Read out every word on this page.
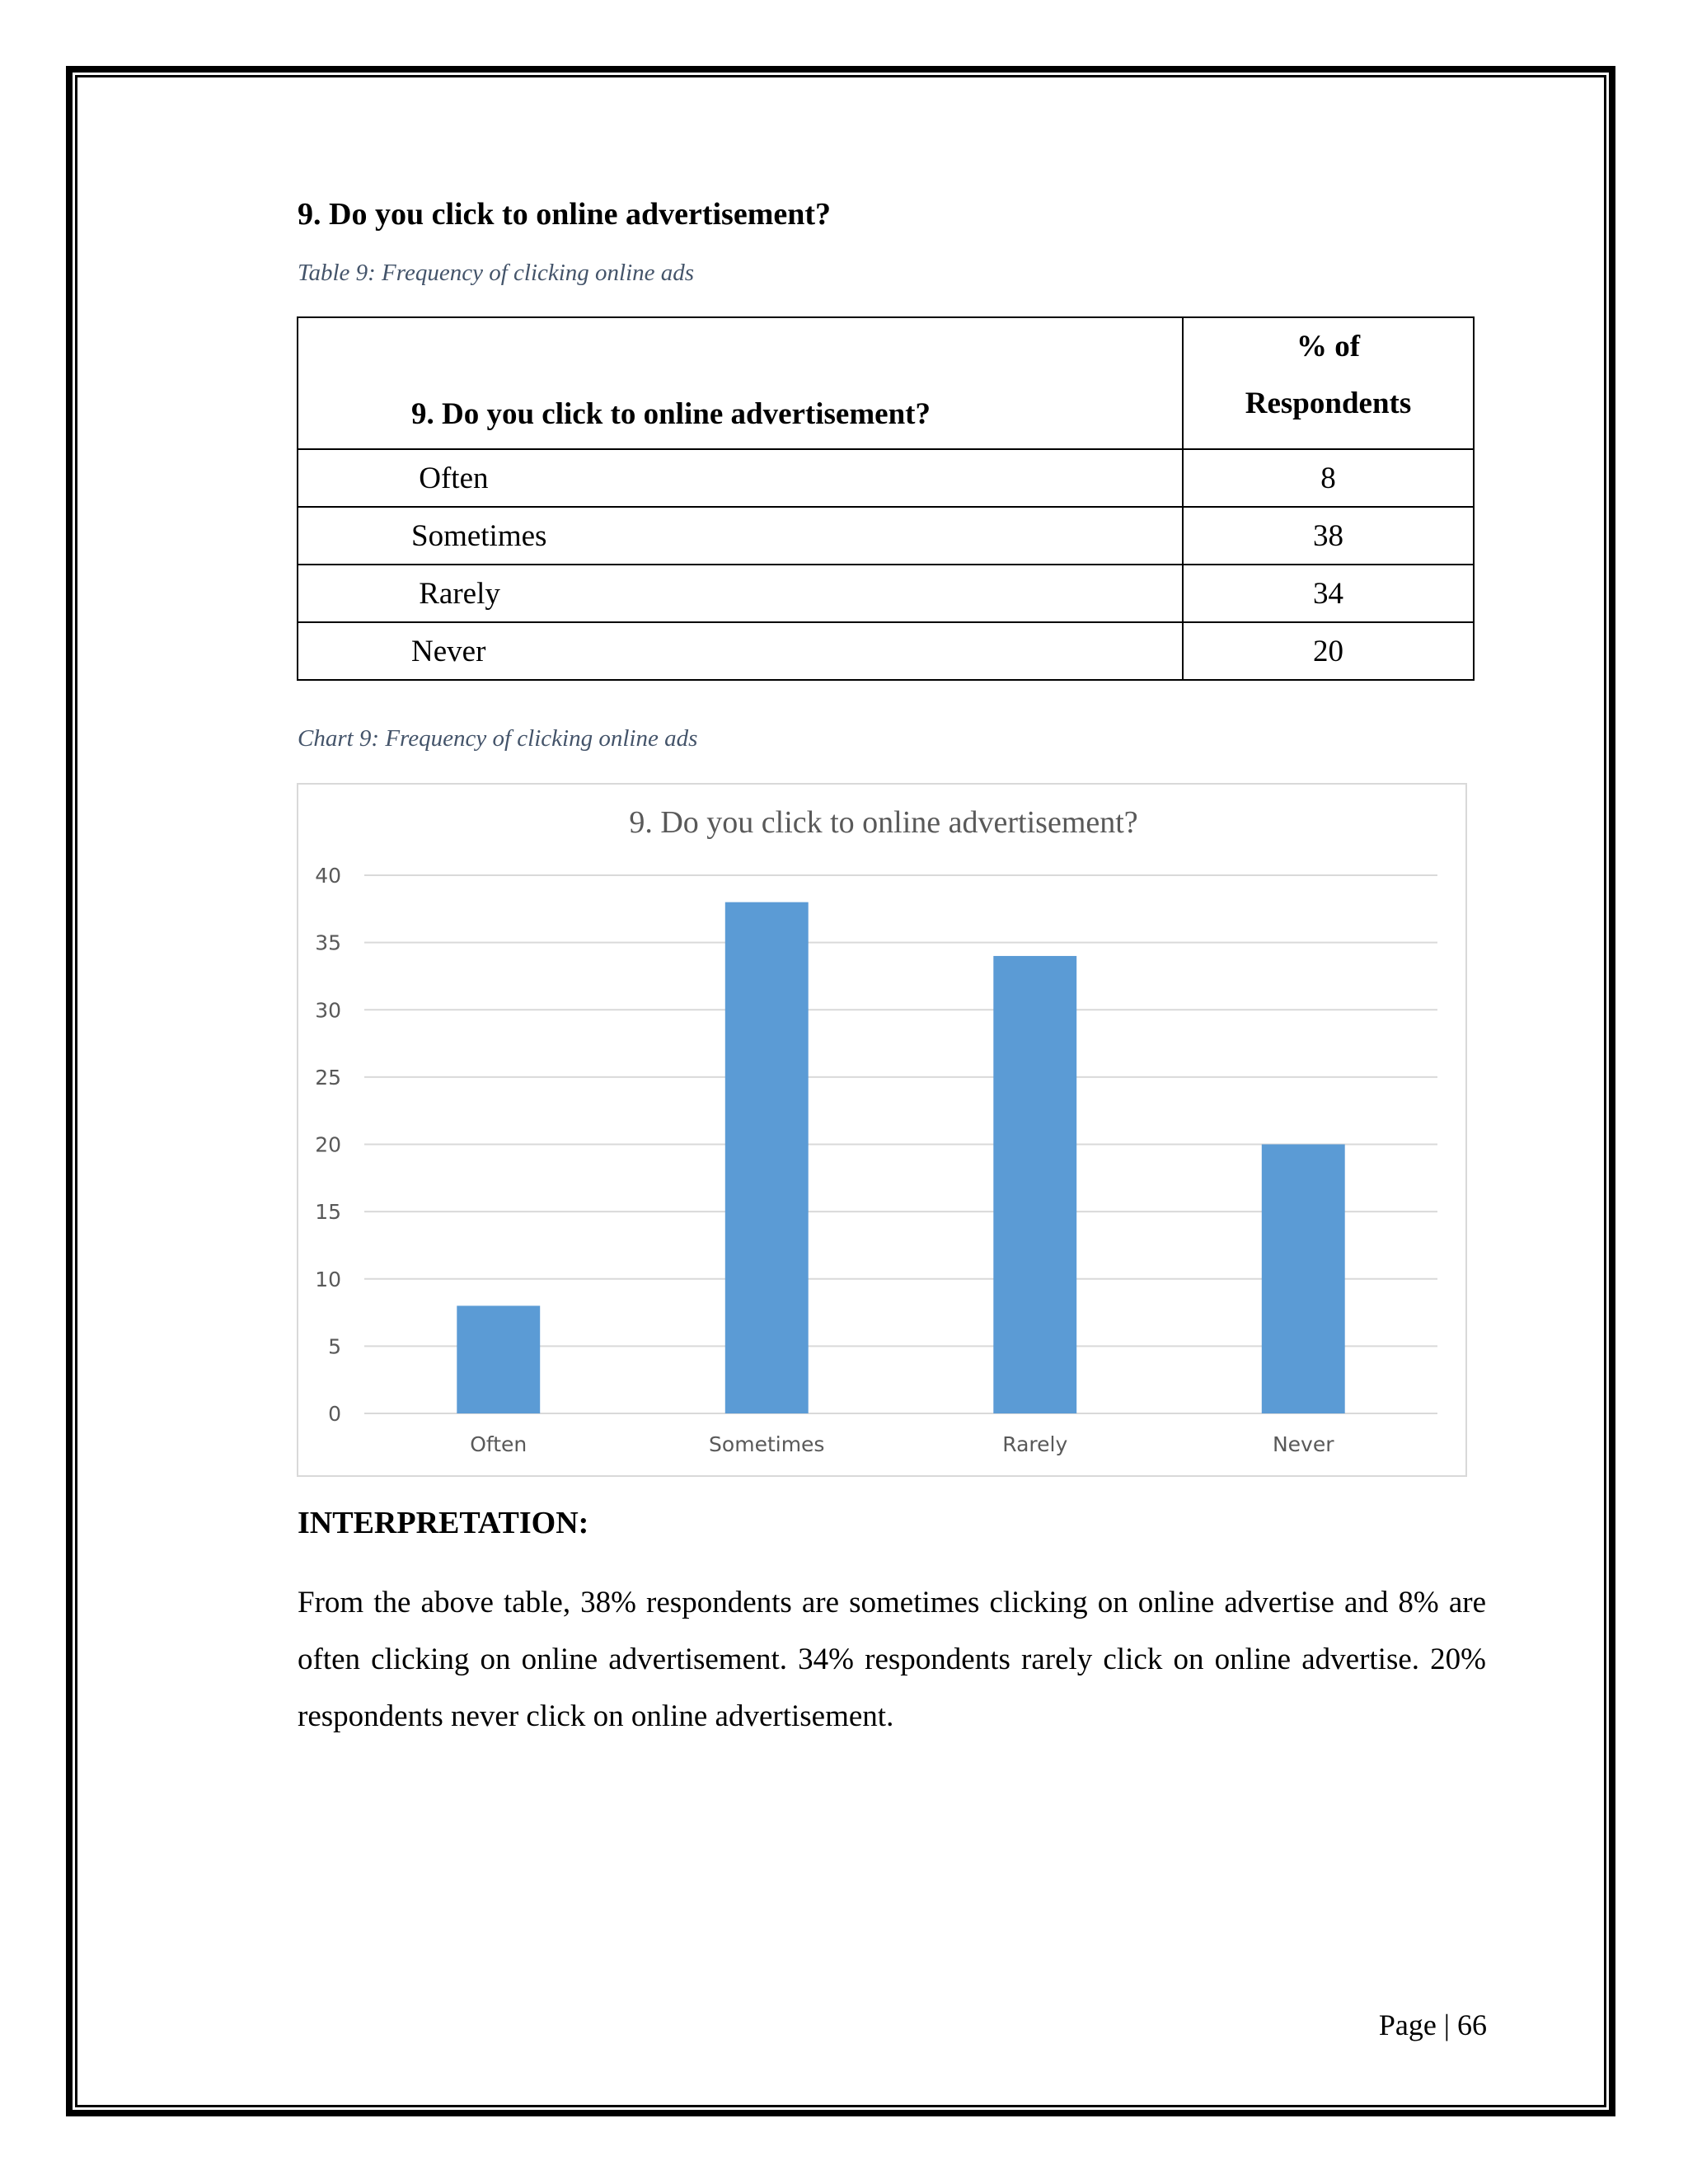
9. Do you click to online advertisement?

Table 9: Frequency of clicking online ads

9. Do you click to online advertisement?	% of
Respondents

Often	8
Sometimes	38
Rarely	34
Never	20

Chart 9: Frequency of clicking online ads

9. Do you click to online advertisement?
0
5
10
15
20
25
30
35
40
Often	Sometimes	Rarely	Never
INTERPRETATION:

From the above table, 38% respondents are sometimes clicking on online advertise and 8% are often clicking on online advertisement. 34% respondents rarely click on online advertise. 20% respondents never click on online advertisement.

Page | 66
